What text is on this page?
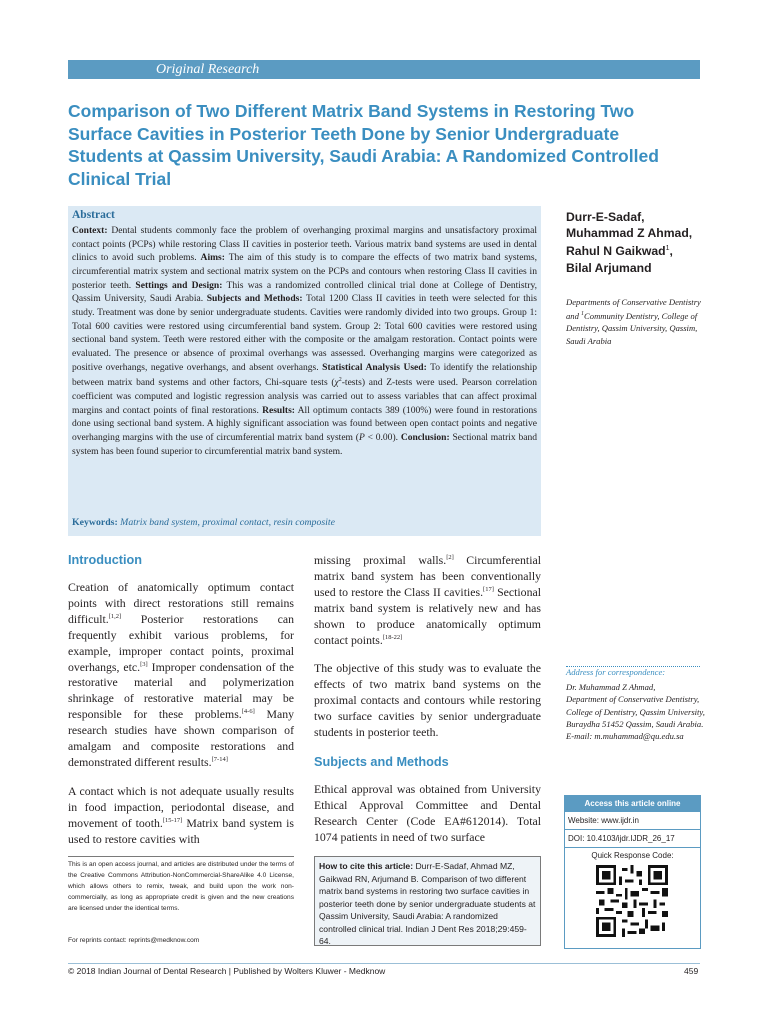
Original Research
Comparison of Two Different Matrix Band Systems in Restoring Two Surface Cavities in Posterior Teeth Done by Senior Undergraduate Students at Qassim University, Saudi Arabia: A Randomized Controlled Clinical Trial
Abstract

Context: Dental students commonly face the problem of overhanging proximal margins and unsatisfactory proximal contact points (PCPs) while restoring Class II cavities in posterior teeth. Various matrix band systems are used in dental clinics to avoid such problems. Aims: The aim of this study is to compare the effects of two matrix band systems, circumferential matrix system and sectional matrix system on the PCPs and contours when restoring Class II cavities in posterior teeth. Settings and Design: This was a randomized controlled clinical trial done at College of Dentistry, Qassim University, Saudi Arabia. Subjects and Methods: Total 1200 Class II cavities in teeth were selected for this study. Treatment was done by senior undergraduate students. Cavities were randomly divided into two groups. Group 1: Total 600 cavities were restored using circumferential band system. Group 2: Total 600 cavities were restored using sectional band system. Teeth were restored either with the composite or the amalgam restoration. Contact points were evaluated. The presence or absence of proximal overhangs was assessed. Overhanging margins were categorized as positive overhangs, negative overhangs, and absent overhangs. Statistical Analysis Used: To identify the relationship between matrix band systems and other factors, Chi-square tests $(\chi^2-tests)$ and Z-tests were used. Pearson correlation coefficient was computed and logistic regression analysis was carried out to assess variables that can affect proximal margins and contact points of final restorations. Results: All optimum contacts 389 (100%) were found in restorations done using sectional band system. A highly significant association was found between open contact points and negative overhanging margins with the use of circumferential matrix band system (P < 0.00). Conclusion: Sectional matrix band system has been found superior to circumferential matrix band system.

Keywords: Matrix band system, proximal contact, resin composite

Durr-E-Sadaf,
Muhammad Z Ahmad,
Rahul N Gaikwad$^1$,
Bilal Arjumand
Departments of Conservative Dentistry and $^1$Community Dentistry, College of Dentistry, Qassim University, Qassim, Saudi Arabia
Address for correspondence:
Dr. Muhammad Z Ahmad,
Department of Conservative Dentistry, College of Dentistry, Qassim University, Buraydha 51452 Qassim, Saudi Arabia.
E-mail: m.muhammad@qu.edu.sa
Access this article online
Website: www.ijdr.in
DOI: 10.4103/ijdr.IJDR_26_17
Quick Response Code:
Introduction

Creation of anatomically optimum contact points with direct restorations still remains difficult.[1,2] Posterior restorations can frequently exhibit various problems, for example, improper contact points, proximal overhangs, etc.[3] Improper condensation of the restorative material and polymerization shrinkage of restorative material may be responsible for these problems.[4-6] Many research studies have shown comparison of amalgam and composite restorations and demonstrated different results.[7-14]

A contact which is not adequate usually results in food impaction, periodontal disease, and movement of tooth.[15-17] Matrix band system is used to restore cavities with

missing proximal walls.[2] Circumferential matrix band system has been conventionally used to restore the Class II cavities.[17] Sectional matrix band system is relatively new and has shown to produce anatomically optimum contact points.[18-22]

The objective of this study was to evaluate the effects of two matrix band systems on the proximal contacts and contours while restoring two surface cavities by senior undergraduate students in posterior teeth.

Subjects and Methods

Ethical approval was obtained from University Ethical Approval Committee and Dental Research Center (Code EA#612014). Total 1074 patients in need of two surface

This is an open access journal, and articles are distributed under the terms of the Creative Commons Attribution-NonCommercial-ShareAlike 4.0 License, which allows others to remix, tweak, and build upon the work non-commercially, as long as appropriate credit is given and the new creations are licensed under the identical terms.

For reprints contact: reprints@medknow.com

How to cite this article: Durr-E-Sadaf, Ahmad MZ, Gaikwad RN, Arjumand B. Comparison of two different matrix band systems in restoring two surface cavities in posterior teeth done by senior undergraduate students at Qassim University, Saudi Arabia: A randomized controlled clinical trial. Indian J Dent Res 2018;29:459-64.
© 2018 Indian Journal of Dental Research | Published by Wolters Kluwer - Medknow	459
